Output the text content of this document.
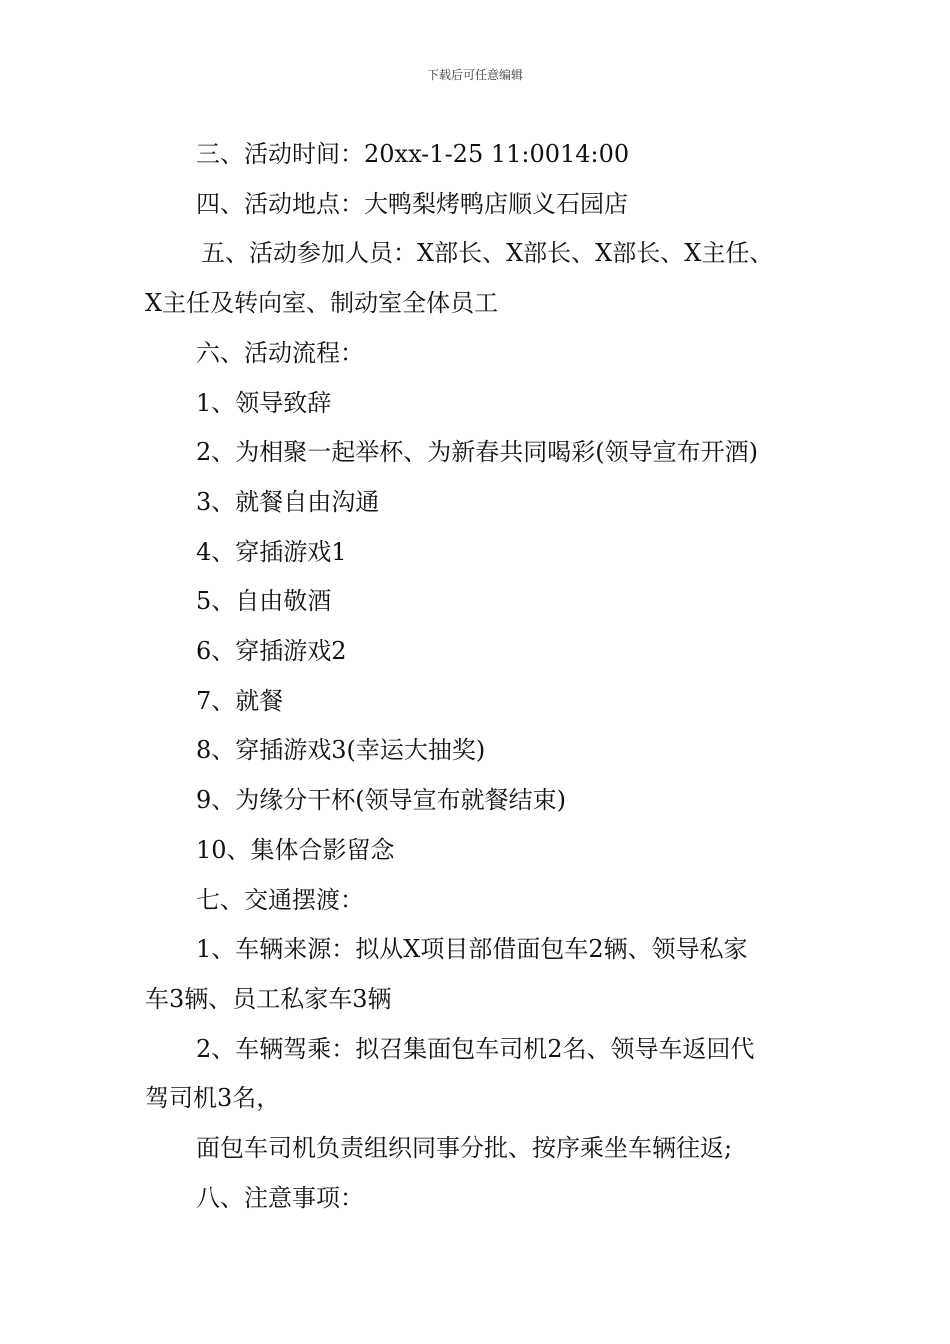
下载后可任意编辑

三、活动时间：20xx-1-25 11:0014:00

四、活动地点：大鸭梨烤鸭店顺义石园店

五、活动参加人员：X部长、X部长、X部长、X主任、

X主任及转向室、制动室全体员工

六、活动流程：

1、领导致辞

2、为相聚一起举杯、为新春共同喝彩(领导宣布开酒)

3、就餐自由沟通

4、穿插游戏1

5、自由敬酒

6、穿插游戏2

7、就餐

8、穿插游戏3(幸运大抽奖)

9、为缘分干杯(领导宣布就餐结束)

10、集体合影留念

七、交通摆渡：

1、车辆来源：拟从X项目部借面包车2辆、领导私家

车3辆、员工私家车3辆

2、车辆驾乘：拟召集面包车司机2名、领导车返回代

驾司机3名，

面包车司机负责组织同事分批、按序乘坐车辆往返;

八、注意事项：
